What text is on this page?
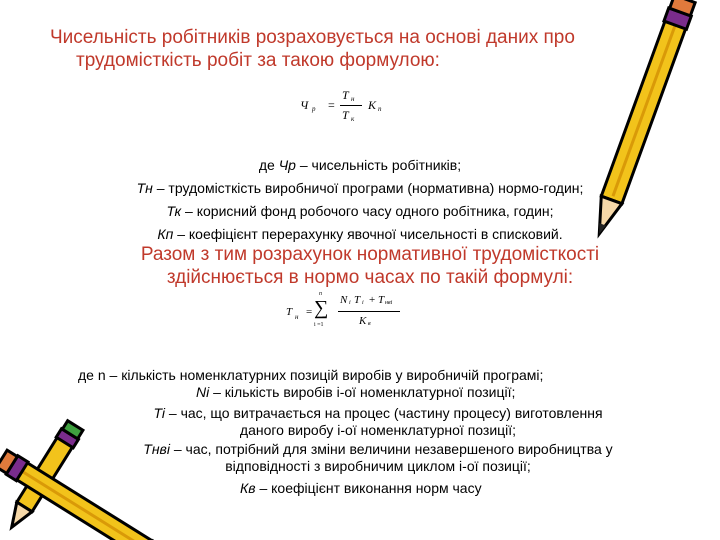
Чисельність робітників розраховується на основі даних про
трудомісткість робіт за такою формулою:
Ч р =
Т н
Т к
К п
де Чр – чисельність робітників;
Тн – трудомісткість виробничої програми (нормативна) нормо-годин;
Тк – корисний фонд робочого часу одного робітника, годин;
Кп – коефіцієнт перерахунку явочної чисельності в списковий.
Разом з тим розрахунок нормативної трудомісткості
здійснюється в нормо часах по такій формулі:
Т н =
n
∑
i =1
N i T i + T нві
K в
де n – кількість номенклатурних позицій виробів у виробничій програмі;
Ni – кількість виробів і-ої номенклатурної позиції;
Ti – час, що витрачається на процес (частину процесу) виготовлення
даного виробу і-ої номенклатурної позиції;
Тнві – час, потрібний для зміни величини незавершеного виробництва у
відповідності з виробничим циклом і-ої позиції;
Кв – коефіцієнт виконання норм часу
